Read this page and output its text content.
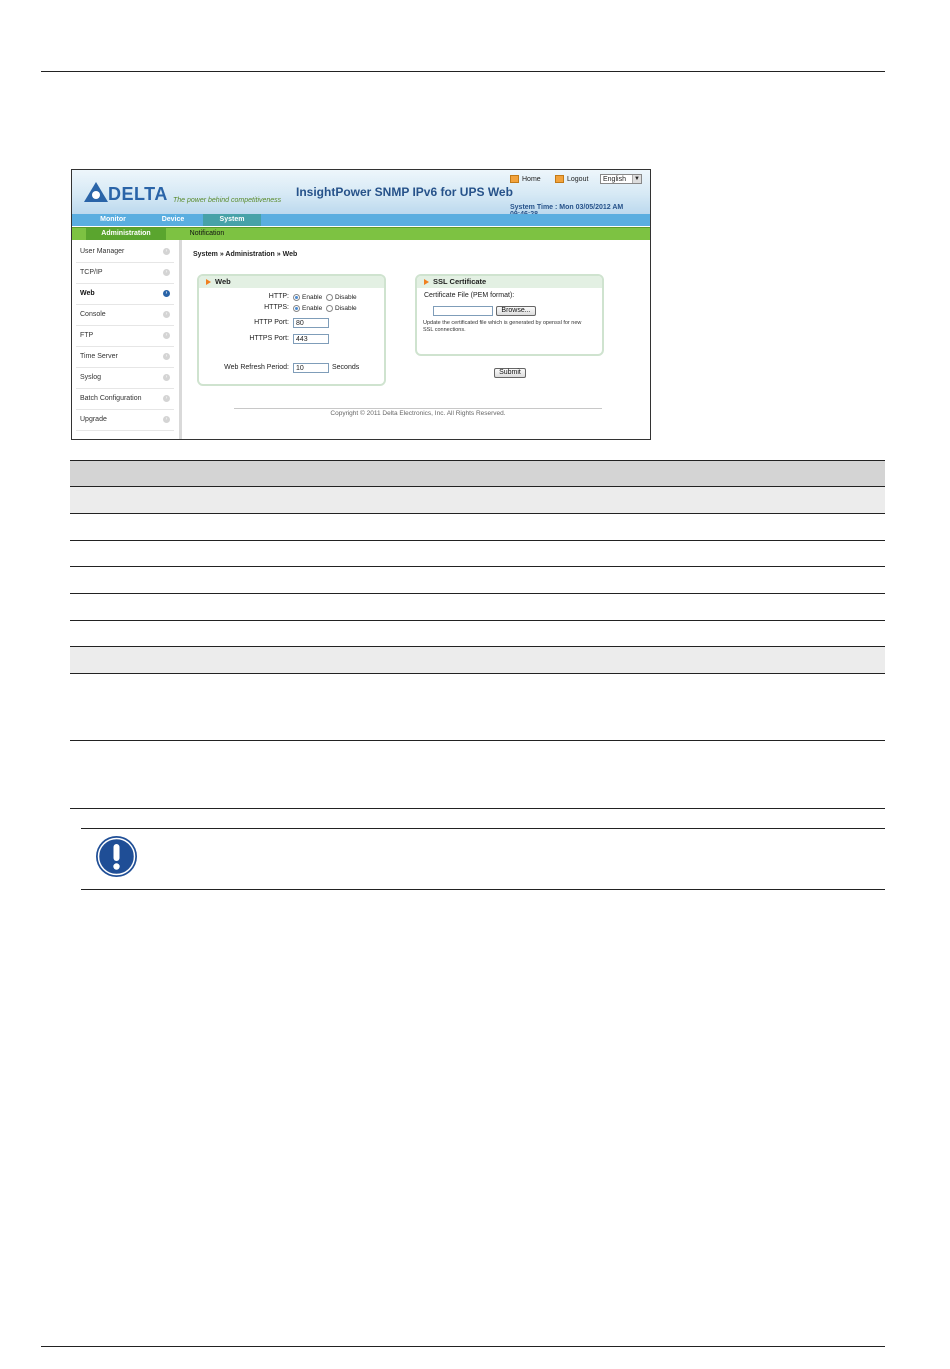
DELTA The power behind competitiveness
InsightPower SNMP IPv6 for UPS Web
Home	Logout	English	▼
System Time : Mon 03/05/2012 AM
Monitor	Device	System
Administration	Notification
User Manager	›
TCP/IP	›
Web	›
Console	›
FTP	›
Time Server	›
Syslog	›
Batch Configuration	›
Upgrade	›
System » Administration » Web
Web
HTTP: Enable Disable
HTTPS: Enable Disable
HTTP Port:	80
HTTPS Port:	443
Web Refresh Period:	10	Seconds
SSL Certificate
Certificate File (PEM format):
Browse...
Update the certificated file which is generated by openssl for new SSL connections.
Submit
Copyright © 2011 Delta Electronics, Inc. All Rights Reserved.
